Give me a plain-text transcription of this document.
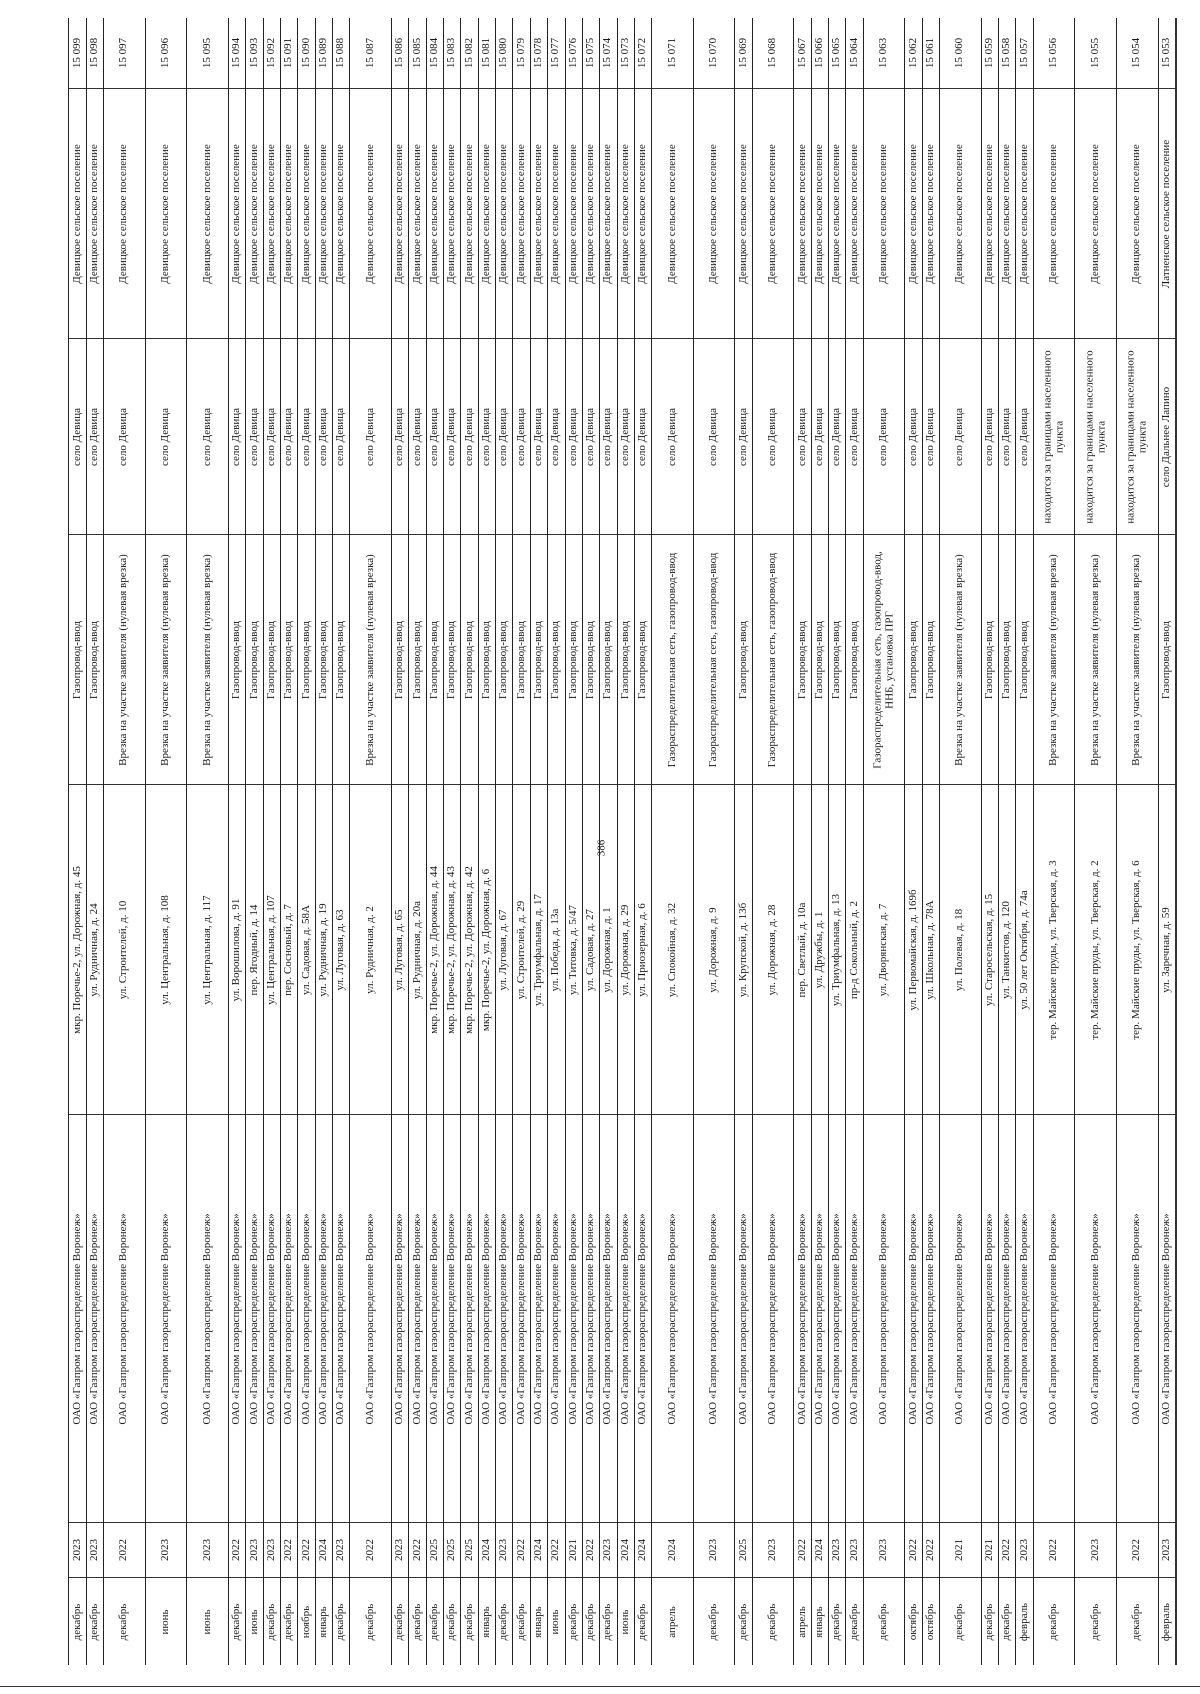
386
15 053
Латненское сельское поселение
село Дальнее Лапино
Газопровод-ввод
ул. Заречная, д. 59
ОАО «Газпром газораспределение Воронеж»
2023
февраль
15 054
Девицкое сельское поселение
находится за границами населенного пункта
Врезка на участке заявителя (нулевая врезка)
тер. Майские пруды, ул. Тверская, д. 6
ОАО «Газпром газораспределение Воронеж»
2022
декабрь
15 055
Девицкое сельское поселение
находится за границами населенного пункта
Врезка на участке заявителя (нулевая врезка)
тер. Майские пруды, ул. Тверская, д. 2
ОАО «Газпром газораспределение Воронеж»
2023
декабрь
15 056
Девицкое сельское поселение
находится за границами населенного пункта
Врезка на участке заявителя (нулевая врезка)
тер. Майские пруды, ул. Тверская, д. 3
ОАО «Газпром газораспределение Воронеж»
2022
декабрь
15 057
Девицкое сельское поселение
село Девица
Газопровод-ввод
ул. 50 лет Октября, д. 74а
ОАО «Газпром газораспределение Воронеж»
2023
февраль
15 058
Девицкое сельское поселение
село Девица
Газопровод-ввод
ул. Танкистов, д. 120
ОАО «Газпром газораспределение Воронеж»
2022
декабрь
15 059
Девицкое сельское поселение
село Девица
Газопровод-ввод
ул. Старосельская, д. 15
ОАО «Газпром газораспределение Воронеж»
2021
декабрь
15 060
Девицкое сельское поселение
село Девица
Врезка на участке заявителя (нулевая врезка)
ул. Полевая, д. 18
ОАО «Газпром газораспределение Воронеж»
2021
декабрь
15 061
Девицкое сельское поселение
село Девица
Газопровод-ввод
ул. Школьная, д. 78А
ОАО «Газпром газораспределение Воронеж»
2022
октябрь
15 062
Девицкое сельское поселение
село Девица
Газопровод-ввод
ул. Первомайская, д. 169б
ОАО «Газпром газораспределение Воронеж»
2022
октябрь
15 063
Девицкое сельское поселение
село Девица
Газораспределительная сеть, газопровод-ввод, ННБ, установка ПРГ
ул. Дворянская, д. 7
ОАО «Газпром газораспределение Воронеж»
2023
декабрь
15 064
Девицкое сельское поселение
село Девица
Газопровод-ввод
пр-д Сокольный, д. 2
ОАО «Газпром газораспределение Воронеж»
2023
декабрь
15 065
Девицкое сельское поселение
село Девица
Газопровод-ввод
ул. Триумфальная, д. 13
ОАО «Газпром газораспределение Воронеж»
2023
декабрь
15 066
Девицкое сельское поселение
село Девица
Газопровод-ввод
ул. Дружбы, д. 1
ОАО «Газпром газораспределение Воронеж»
2024
январь
15 067
Девицкое сельское поселение
село Девица
Газопровод-ввод
пер. Светлый, д. 10а
ОАО «Газпром газораспределение Воронеж»
2022
апрель
15 068
Девицкое сельское поселение
село Девица
Газораспределительная сеть, газопровод-ввод
ул. Дорожная, д. 28
ОАО «Газпром газораспределение Воронеж»
2023
декабрь
15 069
Девицкое сельское поселение
село Девица
Газопровод-ввод
ул. Крупской, д. 13б
ОАО «Газпром газораспределение Воронеж»
2025
декабрь
15 070
Девицкое сельское поселение
село Девица
Газораспределительная сеть, газопровод-ввод
ул. Дорожная, д. 9
ОАО «Газпром газораспределение Воронеж»
2023
декабрь
15 071
Девицкое сельское поселение
село Девица
Газораспределительная сеть, газопровод-ввод
ул. Спокойная, д. 32
ОАО «Газпром газораспределение Воронеж»
2024
апрель
15 072
Девицкое сельское поселение
село Девица
Газопровод-ввод
ул. Приозерная, д. 6
ОАО «Газпром газораспределение Воронеж»
2024
декабрь
15 073
Девицкое сельское поселение
село Девица
Газопровод-ввод
ул. Дорожная, д. 29
ОАО «Газпром газораспределение Воронеж»
2024
июнь
15 074
Девицкое сельское поселение
село Девица
Газопровод-ввод
ул. Дорожная, д. 1
ОАО «Газпром газораспределение Воронеж»
2023
декабрь
15 075
Девицкое сельское поселение
село Девица
Газопровод-ввод
ул. Садовая, д. 27
ОАО «Газпром газораспределение Воронеж»
2022
декабрь
15 076
Девицкое сельское поселение
село Девица
Газопровод-ввод
ул. Титовка, д. 5/47
ОАО «Газпром газораспределение Воронеж»
2021
декабрь
15 077
Девицкое сельское поселение
село Девица
Газопровод-ввод
ул. Победа, д. 13а
ОАО «Газпром газораспределение Воронеж»
2022
июнь
15 078
Девицкое сельское поселение
село Девица
Газопровод-ввод
ул. Триумфальная, д. 17
ОАО «Газпром газораспределение Воронеж»
2024
январь
15 079
Девицкое сельское поселение
село Девица
Газопровод-ввод
ул. Строителей, д. 29
ОАО «Газпром газораспределение Воронеж»
2022
декабрь
15 080
Девицкое сельское поселение
село Девица
Газопровод-ввод
ул. Луговая, д. 67
ОАО «Газпром газораспределение Воронеж»
2023
декабрь
15 081
Девицкое сельское поселение
село Девица
Газопровод-ввод
мкр. Поречье-2, ул. Дорожная, д. 6
ОАО «Газпром газораспределение Воронеж»
2024
январь
15 082
Девицкое сельское поселение
село Девица
Газопровод-ввод
мкр. Поречье-2, ул. Дорожная, д. 42
ОАО «Газпром газораспределение Воронеж»
2025
декабрь
15 083
Девицкое сельское поселение
село Девица
Газопровод-ввод
мкр. Поречье-2, ул. Дорожная, д. 43
ОАО «Газпром газораспределение Воронеж»
2025
декабрь
15 084
Девицкое сельское поселение
село Девица
Газопровод-ввод
мкр. Поречье-2, ул. Дорожная, д. 44
ОАО «Газпром газораспределение Воронеж»
2025
декабрь
15 085
Девицкое сельское поселение
село Девица
Газопровод-ввод
ул. Рудничная, д. 20а
ОАО «Газпром газораспределение Воронеж»
2022
декабрь
15 086
Девицкое сельское поселение
село Девица
Газопровод-ввод
ул. Луговая, д. 65
ОАО «Газпром газораспределение Воронеж»
2023
декабрь
15 087
Девицкое сельское поселение
село Девица
Врезка на участке заявителя (нулевая врезка)
ул. Рудничная, д. 2
ОАО «Газпром газораспределение Воронеж»
2022
декабрь
15 088
Девицкое сельское поселение
село Девица
Газопровод-ввод
ул. Луговая, д. 63
ОАО «Газпром газораспределение Воронеж»
2023
декабрь
15 089
Девицкое сельское поселение
село Девица
Газопровод-ввод
ул. Рудничная, д. 19
ОАО «Газпром газораспределение Воронеж»
2024
январь
15 090
Девицкое сельское поселение
село Девица
Газопровод-ввод
ул. Садовая, д. 58А
ОАО «Газпром газораспределение Воронеж»
2022
ноябрь
15 091
Девицкое сельское поселение
село Девица
Газопровод-ввод
пер. Сосновый, д. 7
ОАО «Газпром газораспределение Воронеж»
2022
декабрь
15 092
Девицкое сельское поселение
село Девица
Газопровод-ввод
ул. Центральная, д. 107
ОАО «Газпром газораспределение Воронеж»
2023
декабрь
15 093
Девицкое сельское поселение
село Девица
Газопровод-ввод
пер. Ягодный, д. 14
ОАО «Газпром газораспределение Воронеж»
2023
июнь
15 094
Девицкое сельское поселение
село Девица
Газопровод-ввод
ул. Ворошилова, д. 91
ОАО «Газпром газораспределение Воронеж»
2022
декабрь
15 095
Девицкое сельское поселение
село Девица
Врезка на участке заявителя (нулевая врезка)
ул. Центральная, д. 117
ОАО «Газпром газораспределение Воронеж»
2023
июнь
15 096
Девицкое сельское поселение
село Девица
Врезка на участке заявителя (нулевая врезка)
ул. Центральная, д. 108
ОАО «Газпром газораспределение Воронеж»
2023
июнь
15 097
Девицкое сельское поселение
село Девица
Врезка на участке заявителя (нулевая врезка)
ул. Строителей, д. 10
ОАО «Газпром газораспределение Воронеж»
2022
декабрь
15 098
Девицкое сельское поселение
село Девица
Газопровод-ввод
ул. Рудничная, д. 24
ОАО «Газпром газораспределение Воронеж»
2023
декабрь
15 099
Девицкое сельское поселение
село Девица
Газопровод-ввод
мкр. Поречье-2, ул. Дорожная, д. 45
ОАО «Газпром газораспределение Воронеж»
2023
декабрь
